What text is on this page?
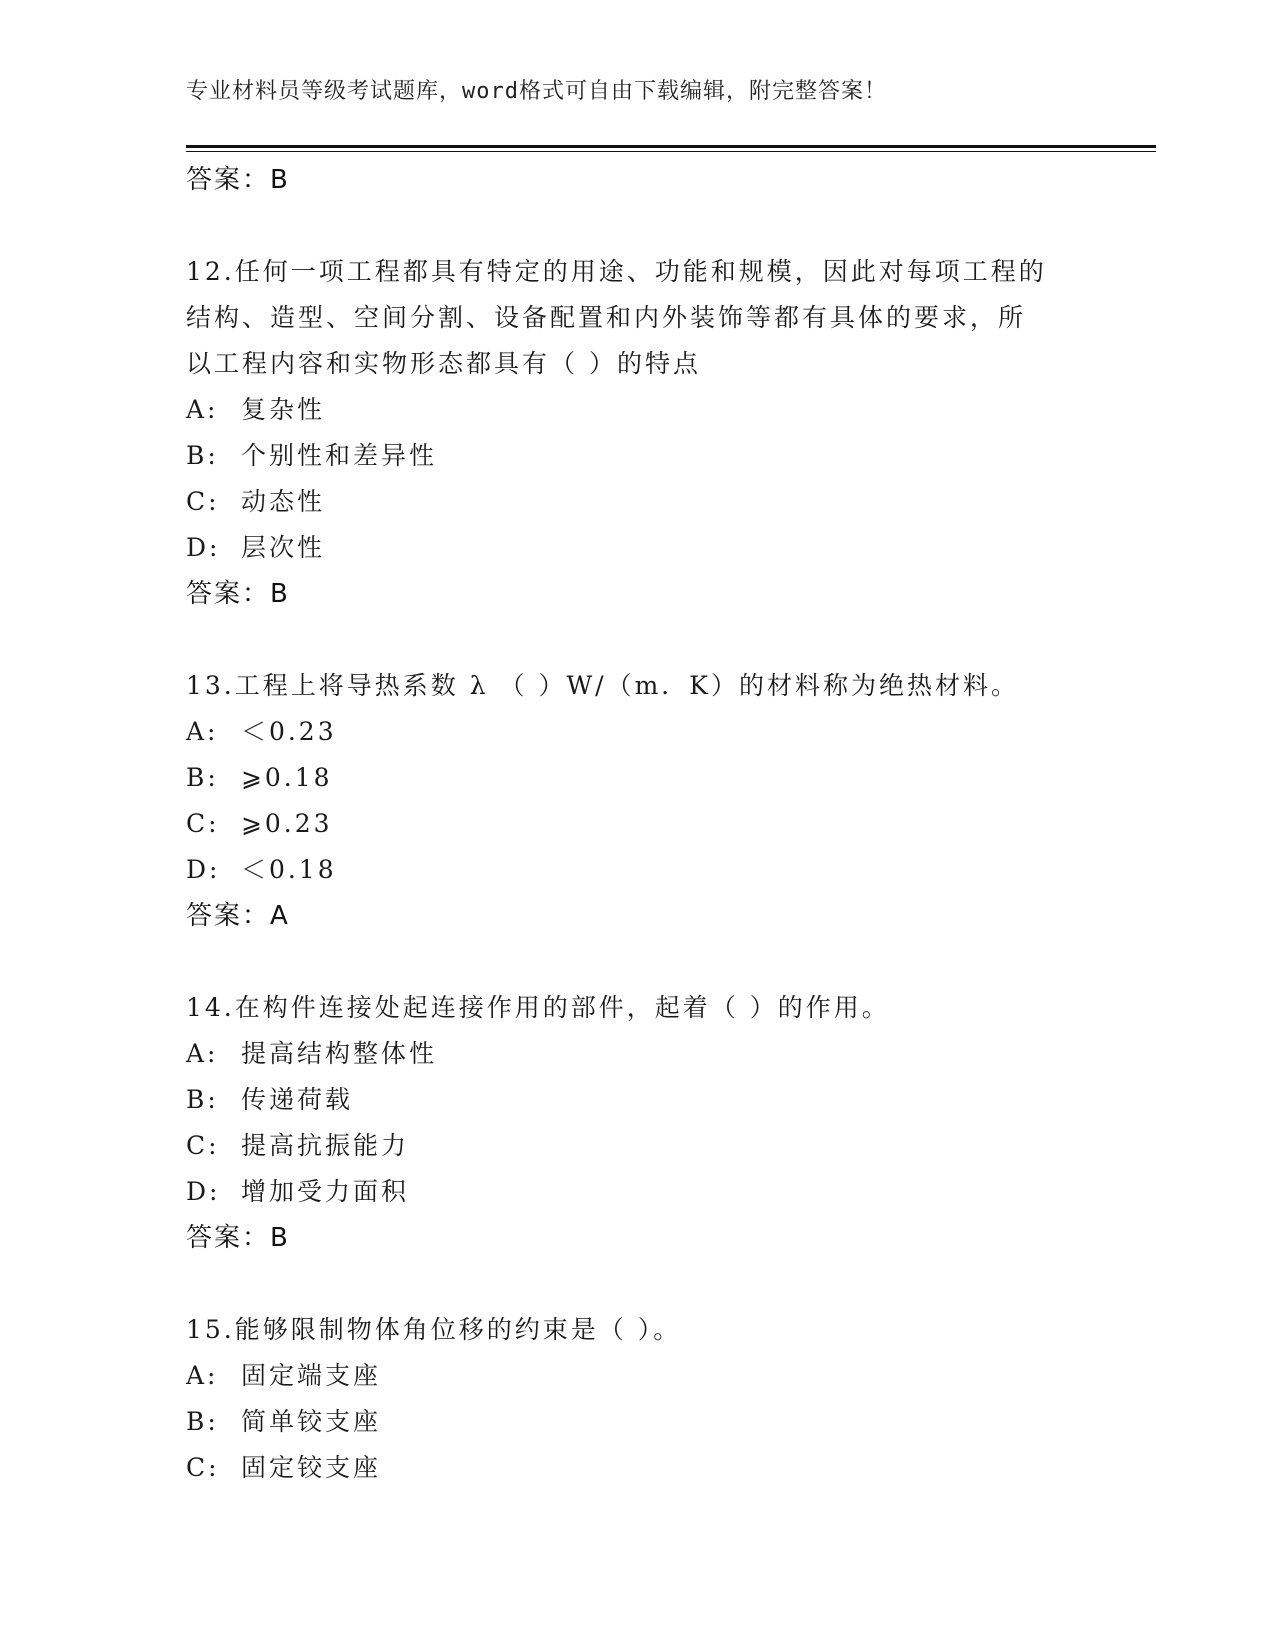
专业材料员等级考试题库，word格式可自由下载编辑，附完整答案！
答案：B
12.任何一项工程都具有特定的用途、功能和规模，因此对每项工程的
结构、造型、空间分割、设备配置和内外装饰等都有具体的要求，所
以工程内容和实物形态都具有（ ）的特点
A: 复杂性
B: 个别性和差异性
C: 动态性
D: 层次性
答案：B
13.工程上将导热系数 λ （ ）W/（m．K）的材料称为绝热材料。
A: ＜0.23
B: ⩾0.18
C: ⩾0.23
D: ＜0.18
答案：A
14.在构件连接处起连接作用的部件，起着（ ）的作用。
A: 提高结构整体性
B: 传递荷载
C: 提高抗振能力
D: 增加受力面积
答案：B
15.能够限制物体角位移的约束是（ ）。
A: 固定端支座
B: 简单铰支座
C: 固定铰支座
